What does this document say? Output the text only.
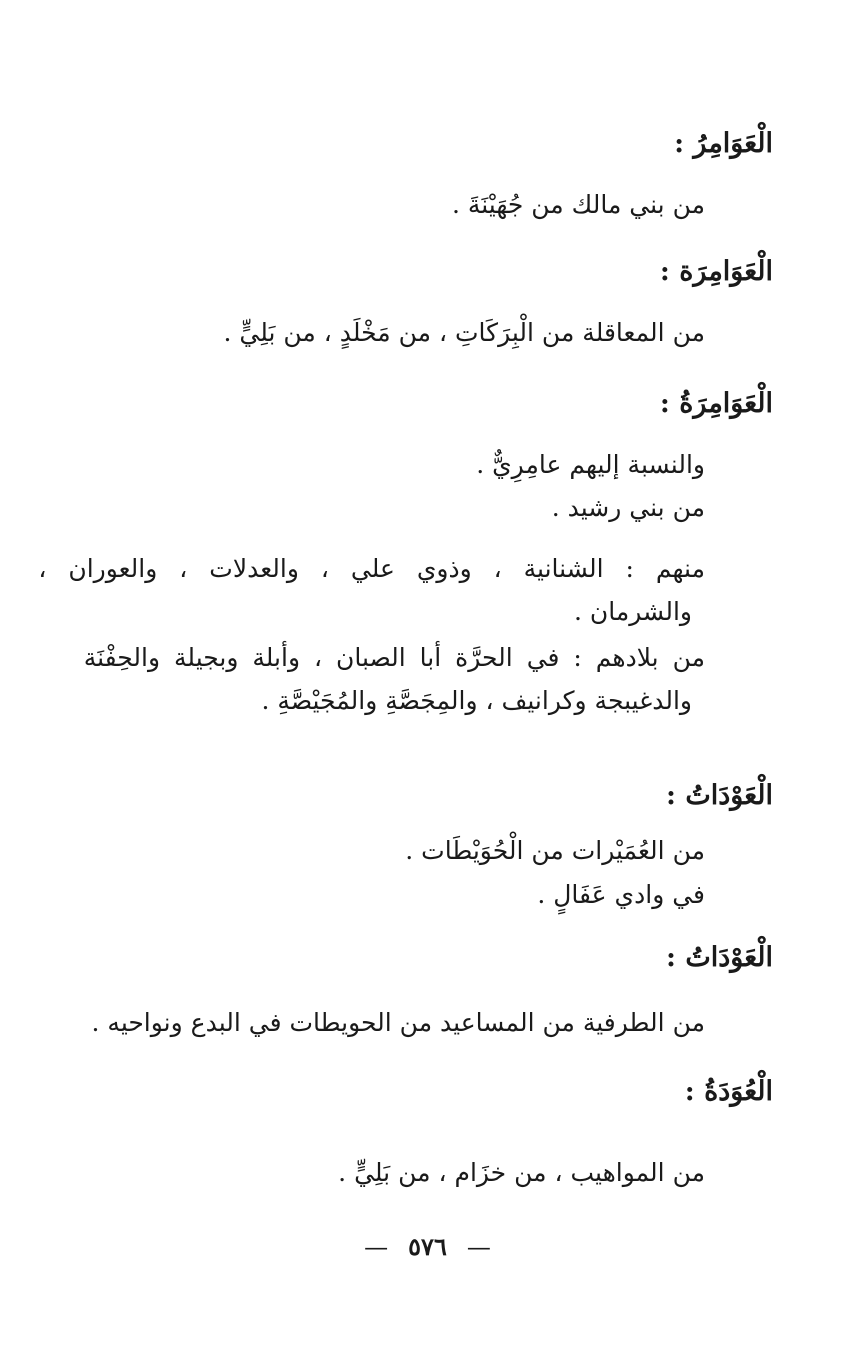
الْعَوَامِرُ :
من بني مالك من جُهَيْنَةَ .
الْعَوَامِرَة :
من المعاقلة من الْبِرَكَاتِ ، من مَخْلَدٍ ، من بَلِيٍّ .
الْعَوَامِرَةُ :
والنسبة إليهم عامِرِيٌّ .
من بني رشيد .
منهم : الشنانية ، وذوي علي ، والعدلات ، والعوران ،
والشرمان .
من بلادهم : في الحرَّة أبا الصبان ، وأبلة وبجيلة والحِفْنَة
والدغيبجة وكرانيف ، والمِجَصَّةِ والمُجَيْصَّةِ .
الْعَوْدَاتُ :
من العُمَيْرات من الْحُوَيْطَات .
في وادي عَفَالٍ .
الْعَوْدَاتُ :
من الطرفية من المساعيد من الحويطات في البدع ونواحيه .
الْعُوَدَةُ :
من المواهيب ، من خزَام ، من بَلِيٍّ .
— ٥٧٦ —
